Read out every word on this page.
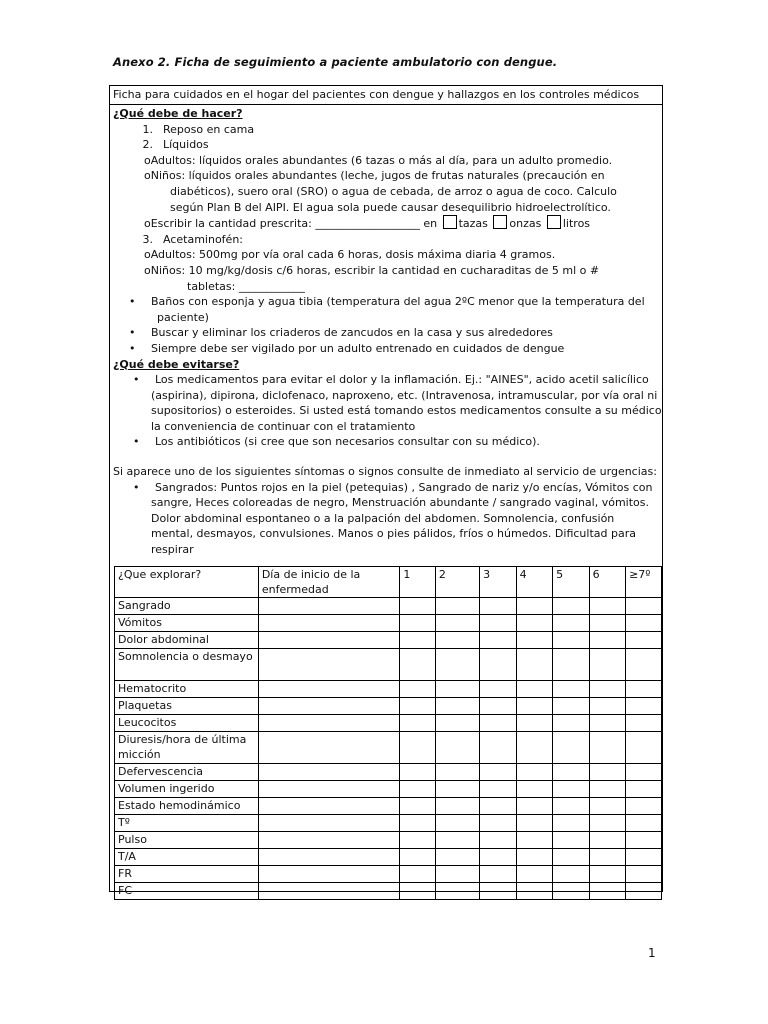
Anexo 2. Ficha de seguimiento a paciente ambulatorio con dengue.
Ficha para cuidados en el hogar del pacientes con dengue y hallazgos en los controles médicos
¿Qué debe de hacer?
1. Reposo en cama
2. Líquidos
oAdultos: líquidos orales abundantes (6 tazas o más al día, para un adulto promedio.
oNiños: líquidos orales abundantes (leche, jugos de frutas naturales (precaución en
diabéticos), suero oral (SRO) o agua de cebada, de arroz o agua de coco. Calculo
según Plan B del AIPI. El agua sola puede causar desequilibrio hidroelectrolítico.
oEscribir la cantidad prescrita: ___________________ en tazas onzas litros
3. Acetaminofén:
oAdultos: 500mg por vía oral cada 6 horas, dosis máxima diaria 4 gramos.
oNiños: 10 mg/kg/dosis c/6 horas, escribir la cantidad en cucharaditas de 5 ml o #
tabletas: ____________
• Baños con esponja y agua tibia (temperatura del agua 2ºC menor que la temperatura del
paciente)
• Buscar y eliminar los criaderos de zancudos en la casa y sus alrededores
• Siempre debe ser vigilado por un adulto entrenado en cuidados de dengue
¿Qué debe evitarse?
• Los medicamentos para evitar el dolor y la inflamación. Ej.: "AINES", acido acetil salicílico
(aspirina), dipirona, diclofenaco, naproxeno, etc. (Intravenosa, intramuscular, por vía oral ni
supositorios) o esteroides. Si usted está tomando estos medicamentos consulte a su médico
la conveniencia de continuar con el tratamiento
• Los antibióticos (si cree que son necesarios consultar con su médico).
Si aparece uno de los siguientes síntomas o signos consulte de inmediato al servicio de urgencias:
• Sangrados: Puntos rojos en la piel (petequias) , Sangrado de nariz y/o encías, Vómitos con
sangre, Heces coloreadas de negro, Menstruación abundante / sangrado vaginal, vómitos.
Dolor abdominal espontaneo o a la palpación del abdomen. Somnolencia, confusión
mental, desmayos, convulsiones. Manos o pies pálidos, fríos o húmedos. Dificultad para
respirar
¿Que explorar?	Día de inicio de la enfermedad	1	2	3	4	5	6	≥7º
Sangrado								
Vómitos								
Dolor abdominal								
Somnolencia o desmayo								
Hematocrito								
Plaquetas								
Leucocitos								
Diuresis/hora de última micción								
Defervescencia								
Volumen ingerido								
Estado hemodinámico								
Tº								
Pulso								
T/A								
FR								
FC								
1
